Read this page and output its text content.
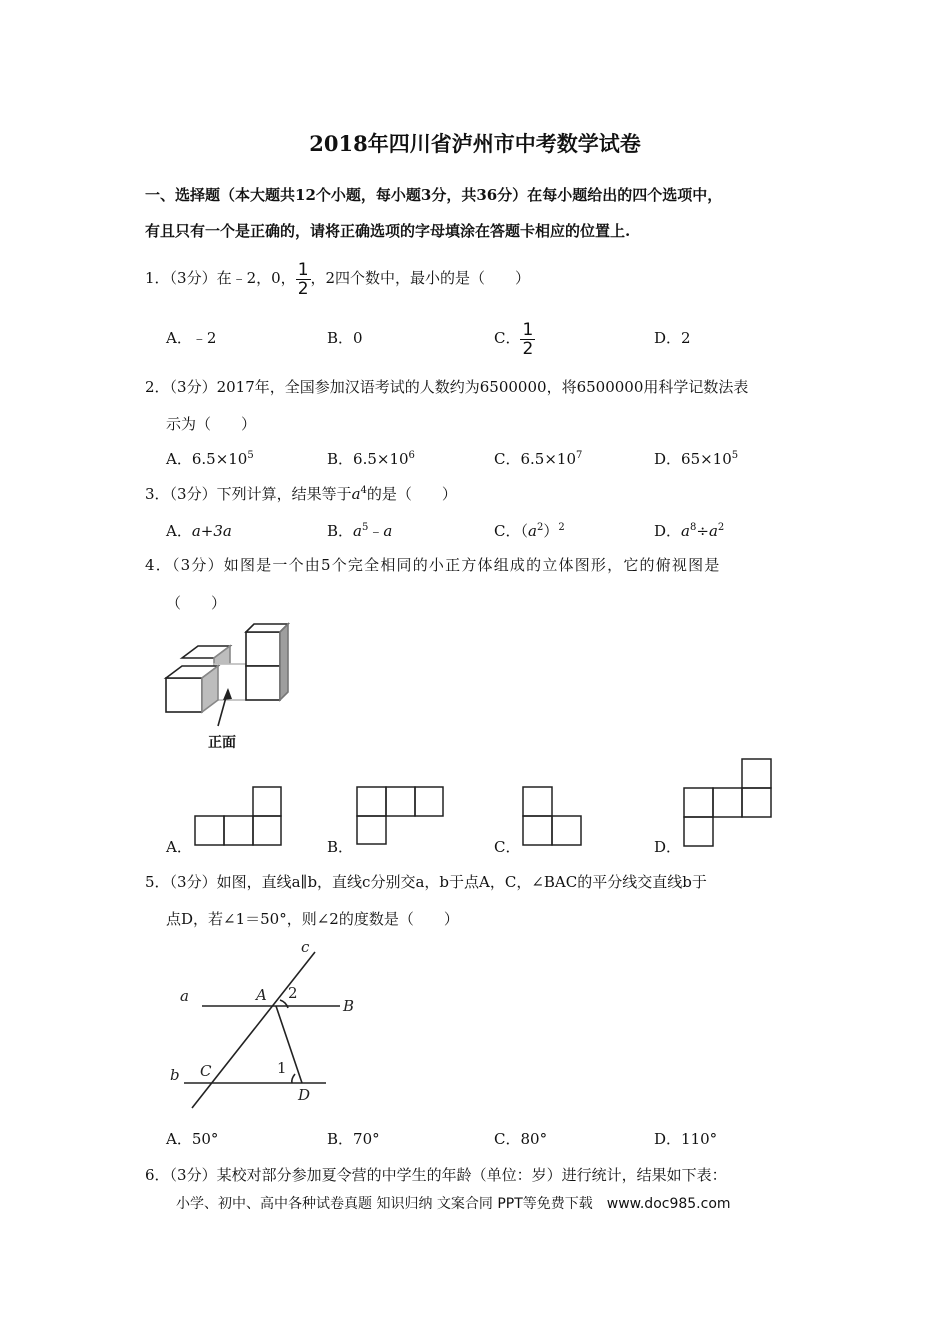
2018年四川省泸州市中考数学试卷
一、选择题（本大题共12个小题，每小题3分，共36分）在每小题给出的四个选项中，
有且只有一个是正确的，请将正确选项的字母填涂在答题卡相应的位置上.
1．（3分）在﹣2，0， $\frac{1}{2}$ ，2四个数中，最小的是（　　）
A．﹣2	B．0	C． $\frac{1}{2}$	D．2
2．（3分）2017年，全国参加汉语考试的人数约为6500000，将6500000用科学记数法表
示为（　　）
A．$6.5\times 10^5$	B．$6.5\times 10^6$	C．$6.5\times 10^7$	D．$65\times 10^5$
3．（3分）下列计算，结果等于$a^4$的是（　　）
A．a+3a	B．$a^5﹣a$	C．$(a^2)^2$	D．$a^8\div a^2$
4．（3分）如图是一个由5个完全相同的小正方体组成的立体图形，它的俯视图是
（　　）
正面
A．	B．	C．	D．
5．（3分）如图，直线a∥b，直线c分别交a，b于点A，C，∠BAC的平分线交直线b于
点D，若∠1＝50°，则∠2的度数是（　　）
c
a	A
B
b C
D
2
1
A．50°	B．70°	C．80°	D．110°
6．（3分）某校对部分参加夏令营的中学生的年龄（单位：岁）进行统计，结果如下表：
小学、初中、高中各种试卷真题 知识归纳 文案合同 PPT等免费下载　www.doc985.com
